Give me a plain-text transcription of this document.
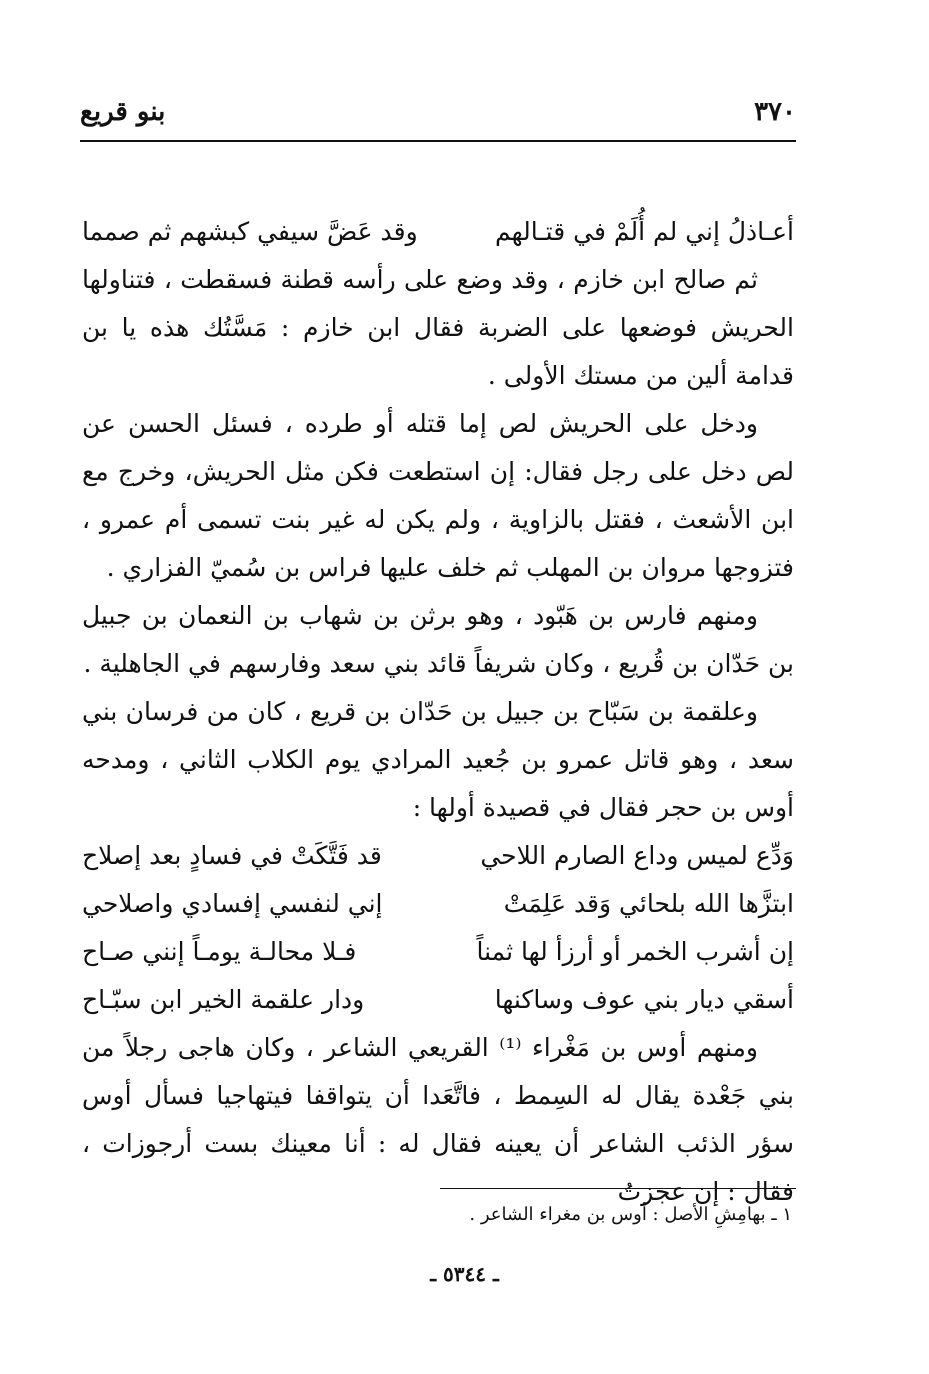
٣٧٠
بنو قريع
أعـاذلُ إني لم أُلَمْ في قتـالهم
وقد عَضَّ سيفي كبشهم ثم صمما

ثم صالح ابن خازم ، وقد وضع على رأسه قطنة فسقطت ، فتناولها الحريش فوضعها على الضربة فقال ابن خازم : مَسَّتُك هذه يا بن قدامة ألين من مستك الأولى .

ودخل على الحريش لص إما قتله أو طرده ، فسئل الحسن عن لص دخل على رجل فقال: إن استطعت فكن مثل الحريش، وخرج مع ابن الأشعث ، فقتل بالزاوية ، ولم يكن له غير بنت تسمى أم عمرو ، فتزوجها مروان بن المهلب ثم خلف عليها فراس بن سُميّ الفزاري .

ومنهم فارس بن هَبّود ، وهو برثن بن شهاب بن النعمان بن جبيل بن حَدّان بن قُريع ، وكان شريفاً قائد بني سعد وفارسهم في الجاهلية .

وعلقمة بن سَبّاح بن جبيل بن حَدّان بن قريع ، كان من فرسان بني سعد ، وهو قاتل عمرو بن جُعيد المرادي يوم الكلاب الثاني ، ومدحه أوس بن حجر فقال في قصيدة أولها :

وَدِّع لميس وداع الصارم اللاحي
قد فَتَّكَتْ في فسادٍ بعد إصلاح
ابتزَّها الله بلحائي وَقد عَلِمَتْ
إني لنفسي إفسادي واصلاحي
إن أشرب الخمر أو أرزأ لها ثمناً
فـلا محالـة يومـاً إنني صـاح
أسقي ديار بني عوف وساكنها
ودار علقمة الخير ابن سبّـاح

ومنهم أوس بن مَغْراء ⁽¹⁾ القريعي الشاعر ، وكان هاجى رجلاً من بني جَعْدة يقال له السِمط ، فاتَّعَدا أن يتواقفا فيتهاجيا فسأل أوس سؤر الذئب الشاعر أن يعينه فقال له : أنا معينك بست أرجوزات ، فقال : إن عجزتُ

١ ـ بهامِشِ الأصل : أوس بن مغراء الشاعر .
ـ ٥٣٤٤ ـ
